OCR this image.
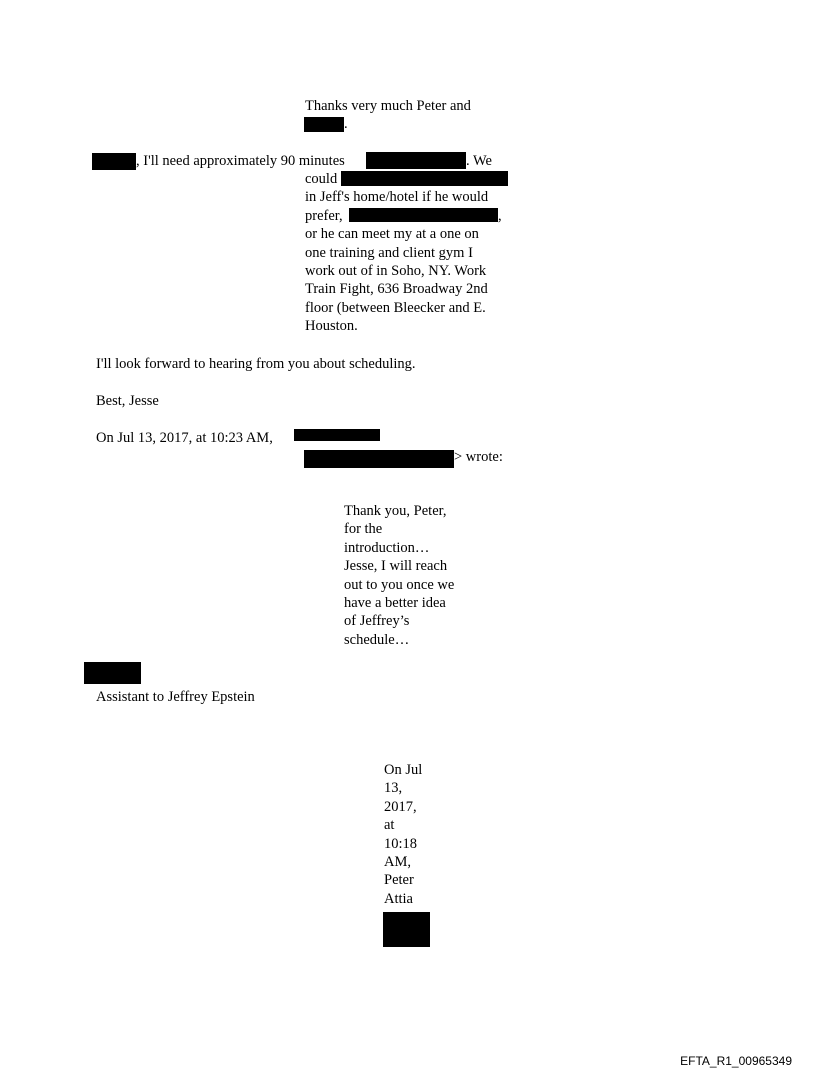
Thanks very much Peter and
.
, I'll need approximately 90 minutes	. We
could
in Jeff's home/hotel if he would
prefer,
or he can meet my at a one on
one training and client gym I
work out of in Soho, NY. Work
Train Fight, 636 Broadway 2nd
floor (between Bleecker and E.
Houston.
,
I'll look forward to hearing from you about scheduling.
Best, Jesse
On Jul 13, 2017, at 10:23 AM,
> wrote:
Thank you, Peter,
for the
introduction…
Jesse, I will reach
out to you once we
have a better idea
of Jeffrey’s
schedule…
Assistant to Jeffrey Epstein
On Jul
13,
2017,
at
10:18
AM,
Peter
Attia
EFTA_R1_00965349
